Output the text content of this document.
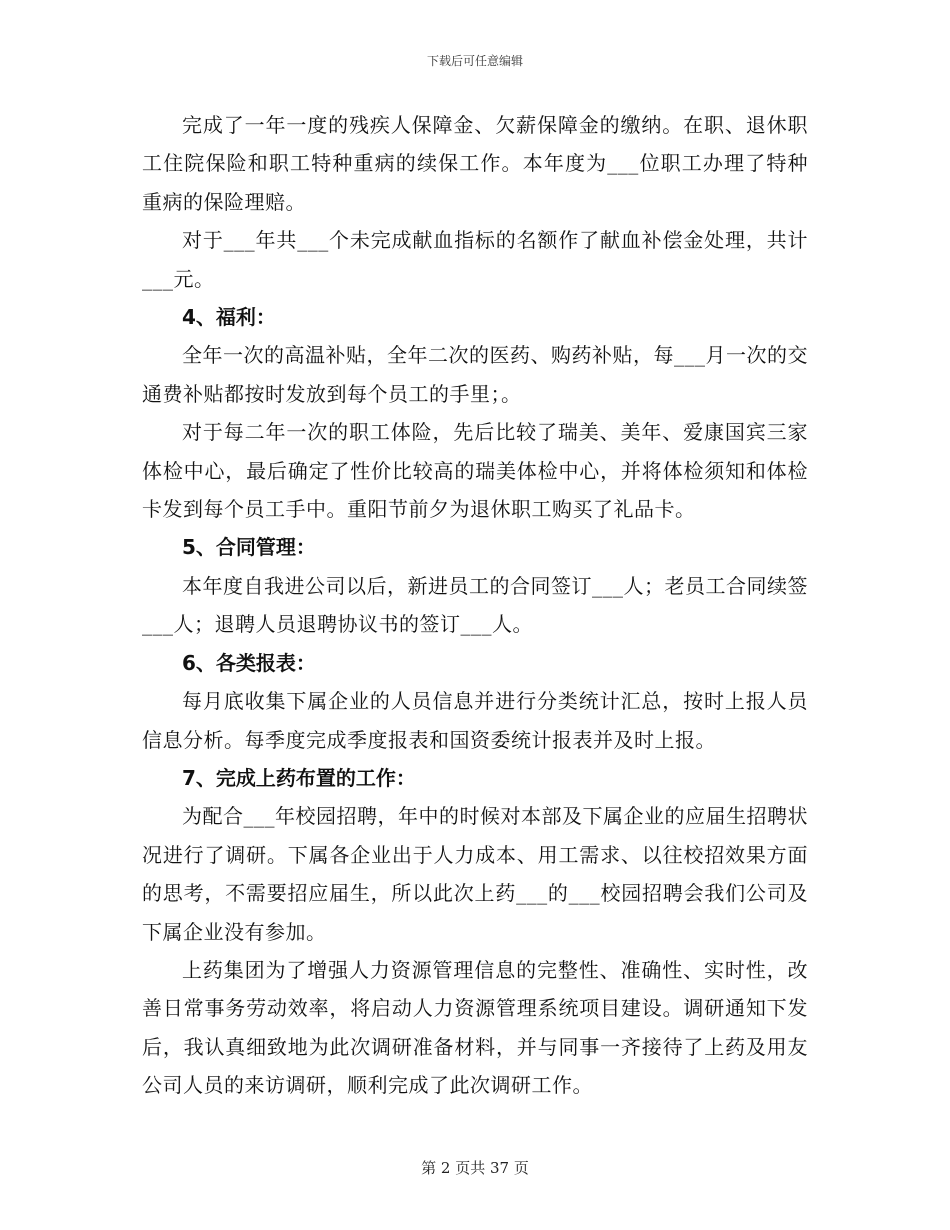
下载后可任意编辑

完成了一年一度的残疾人保障金、欠薪保障金的缴纳。在职、退休职工住院保险和职工特种重病的续保工作。本年度为___位职工办理了特种重病的保险理赔。

对于___年共___个未完成献血指标的名额作了献血补偿金处理，共计___元。

4、福利：

全年一次的高温补贴，全年二次的医药、购药补贴，每___月一次的交通费补贴都按时发放到每个员工的手里；。

对于每二年一次的职工体险，先后比较了瑞美、美年、爱康国宾三家体检中心，最后确定了性价比较高的瑞美体检中心，并将体检须知和体检卡发到每个员工手中。重阳节前夕为退休职工购买了礼品卡。

5、合同管理：

本年度自我进公司以后，新进员工的合同签订___人；老员工合同续签___人；退聘人员退聘协议书的签订___人。

6、各类报表：

每月底收集下属企业的人员信息并进行分类统计汇总，按时上报人员信息分析。每季度完成季度报表和国资委统计报表并及时上报。

7、完成上药布置的工作：

为配合___年校园招聘，年中的时候对本部及下属企业的应届生招聘状况进行了调研。下属各企业出于人力成本、用工需求、以往校招效果方面的思考，不需要招应届生，所以此次上药___的___校园招聘会我们公司及下属企业没有参加。

上药集团为了增强人力资源管理信息的完整性、准确性、实时性，改善日常事务劳动效率，将启动人力资源管理系统项目建设。调研通知下发后，我认真细致地为此次调研准备材料，并与同事一齐接待了上药及用友公司人员的来访调研，顺利完成了此次调研工作。

第 2 页共 37 页
